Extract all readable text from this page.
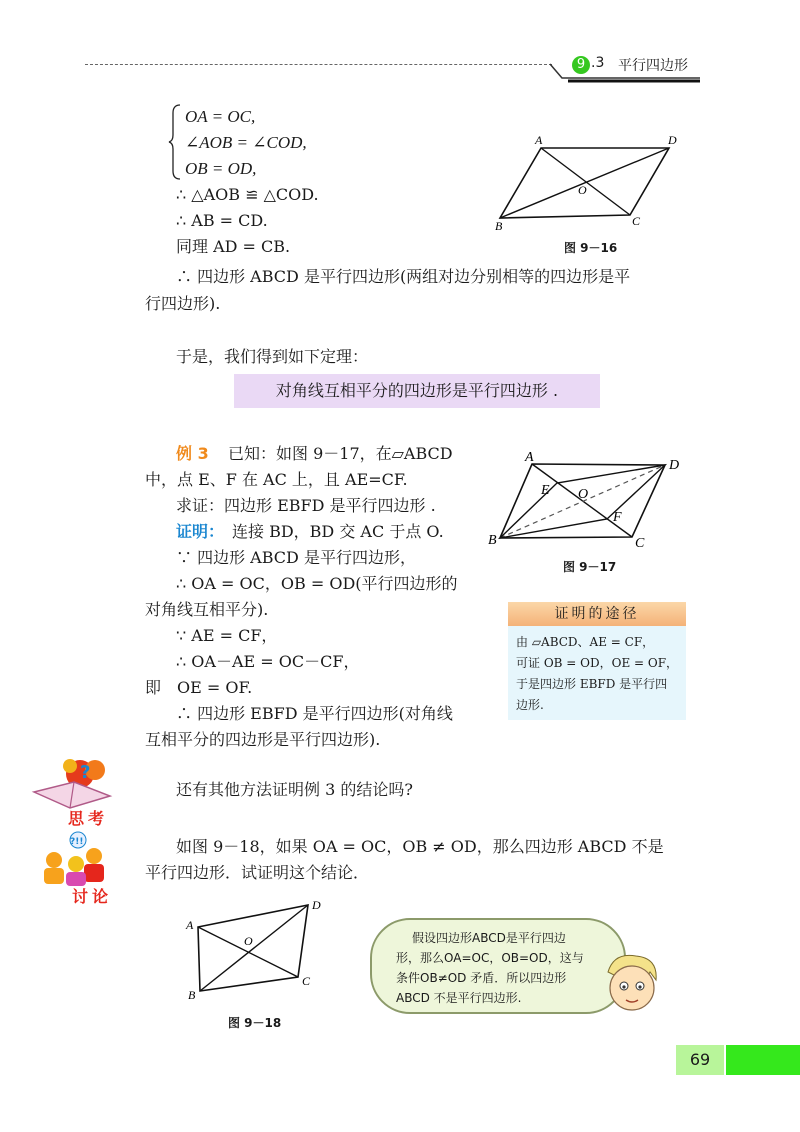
9 .3 平行四边形
OA = OC,
∠AOB = ∠COD,
OB = OD,
∴ △AOB ≌ △COD.
∴ AB = CD.
同理 AD = CB.
∴ 四边形 ABCD 是平行四边形(两组对边分别相等的四边形是平
行四边形).
A	D
O
B	C
图 9－16
于是，我们得到如下定理：
对角线互相平分的四边形是平行四边形 .
例 3 已知：如图 9－17，在▱ABCD
中，点 E、F 在 AC 上，且 AE=CF.
求证：四边形 EBFD 是平行四边形 .
证明： 连接 BD，BD 交 AC 于点 O.
∵ 四边形 ABCD 是平行四边形，
∴ OA = OC，OB = OD(平行四边形的
对角线互相平分).
∵ AE = CF，
∴ OA－AE = OC－CF，
即　OE = OF.
∴ 四边形 EBFD 是平行四边形(对角线
互相平分的四边形是平行四边形).
A
D
E O
F
B	C
图 9－17
证明的途径
由 ▱ABCD、AE = CF，
可证 OB = OD，OE = OF，
于是四边形 EBFD 是平行四
边形.
?
思考
还有其他方法证明例 3 的结论吗?
?!!
讨论
如图 9－18，如果 OA = OC，OB ≠ OD，那么四边形 ABCD 不是
平行四边形．试证明这个结论．
A
D
O
B
C
图 9－18
假设四边形ABCD是平行四边
形，那么OA=OC，OB=OD，这与
条件OB≠OD 矛盾．所以四边形
ABCD 不是平行四边形.
69
